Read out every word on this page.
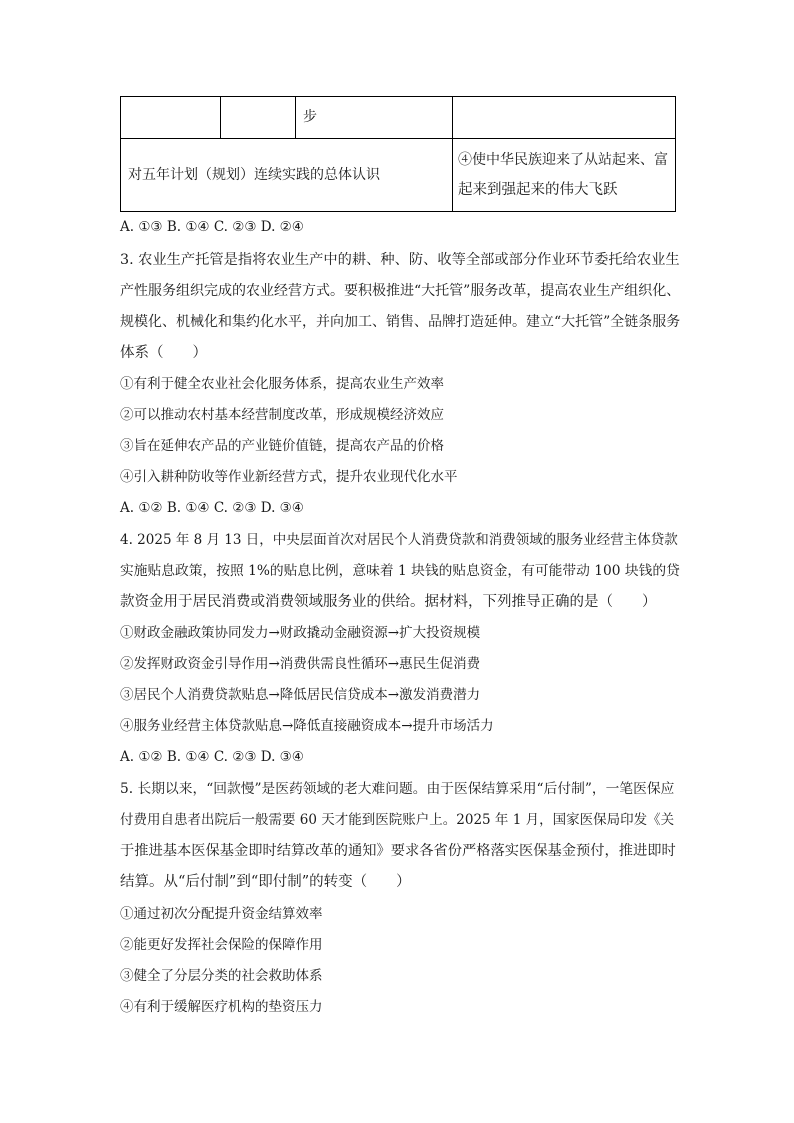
步
对五年计划（规划）连续实践的总体认识
④使中华民族迎来了从站起来、富
起来到强起来的伟大飞跃
A. ①③ B. ①④ C. ②③ D. ②④
3. 农业生产托管是指将农业生产中的耕、种、防、收等全部或部分作业环节委托给农业生
产性服务组织完成的农业经营方式。要积极推进“大托管”服务改革，提高农业生产组织化、
规模化、机械化和集约化水平，并向加工、销售、品牌打造延伸。建立“大托管”全链条服务
体系（　　）
①有利于健全农业社会化服务体系，提高农业生产效率
②可以推动农村基本经营制度改革，形成规模经济效应
③旨在延伸农产品的产业链价值链，提高农产品的价格
④引入耕种防收等作业新经营方式，提升农业现代化水平
A. ①② B. ①④ C. ②③ D. ③④
4. 2025 年 8 月 13 日，中央层面首次对居民个人消费贷款和消费领域的服务业经营主体贷款
实施贴息政策，按照 1%的贴息比例，意味着 1 块钱的贴息资金，有可能带动 100 块钱的贷
款资金用于居民消费或消费领域服务业的供给。据材料，下列推导正确的是（　　）
①财政金融政策协同发力→财政撬动金融资源→扩大投资规模
②发挥财政资金引导作用→消费供需良性循环→惠民生促消费
③居民个人消费贷款贴息→降低居民信贷成本→激发消费潜力
④服务业经营主体贷款贴息→降低直接融资成本→提升市场活力
A. ①② B. ①④ C. ②③ D. ③④
5. 长期以来，“回款慢”是医药领域的老大难问题。由于医保结算采用“后付制”，一笔医保应
付费用自患者出院后一般需要 60 天才能到医院账户上。2025 年 1 月，国家医保局印发《关
于推进基本医保基金即时结算改革的通知》要求各省份严格落实医保基金预付，推进即时
结算。从“后付制”到“即付制”的转变（　　）
①通过初次分配提升资金结算效率
②能更好发挥社会保险的保障作用
③健全了分层分类的社会救助体系
④有利于缓解医疗机构的垫资压力
